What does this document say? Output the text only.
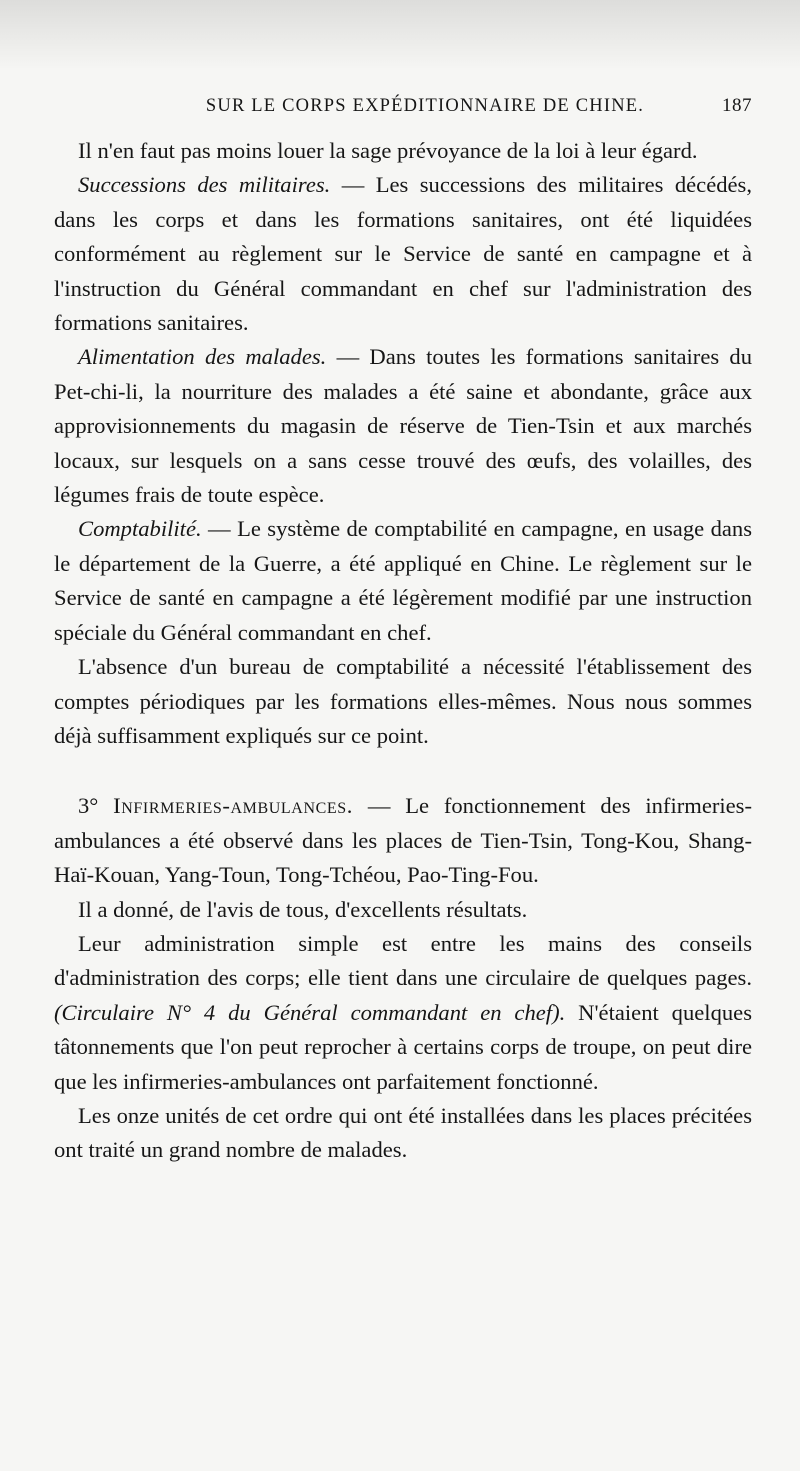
SUR LE CORPS EXPÉDITIONNAIRE DE CHINE.	187

Il n'en faut pas moins louer la sage prévoyance de la loi à leur égard.

Successions des militaires. — Les successions des militaires décédés, dans les corps et dans les formations sanitaires, ont été liquidées conformément au règlement sur le Service de santé en campagne et à l'instruction du Général commandant en chef sur l'administration des formations sanitaires.

Alimentation des malades. — Dans toutes les formations sanitaires du Pet-chi-li, la nourriture des malades a été saine et abondante, grâce aux approvisionnements du magasin de réserve de Tien-Tsin et aux marchés locaux, sur lesquels on a sans cesse trouvé des œufs, des volailles, des légumes frais de toute espèce.

Comptabilité. — Le système de comptabilité en campagne, en usage dans le département de la Guerre, a été appliqué en Chine. Le règlement sur le Service de santé en campagne a été légèrement modifié par une instruction spéciale du Général commandant en chef.

L'absence d'un bureau de comptabilité a nécessité l'établissement des comptes périodiques par les formations elles-mêmes. Nous nous sommes déjà suffisamment expliqués sur ce point.

3° Infirmeries-ambulances. — Le fonctionnement des infirmeries-ambulances a été observé dans les places de Tien-Tsin, Tong-Kou, Shang-Haï-Kouan, Yang-Toun, Tong-Tchéou, Pao-Ting-Fou.

Il a donné, de l'avis de tous, d'excellents résultats.

Leur administration simple est entre les mains des conseils d'administration des corps; elle tient dans une circulaire de quelques pages. (Circulaire N° 4 du Général commandant en chef). N'étaient quelques tâtonnements que l'on peut reprocher à certains corps de troupe, on peut dire que les infirmeries-ambulances ont parfaitement fonctionné.

Les onze unités de cet ordre qui ont été installées dans les places précitées ont traité un grand nombre de malades.
